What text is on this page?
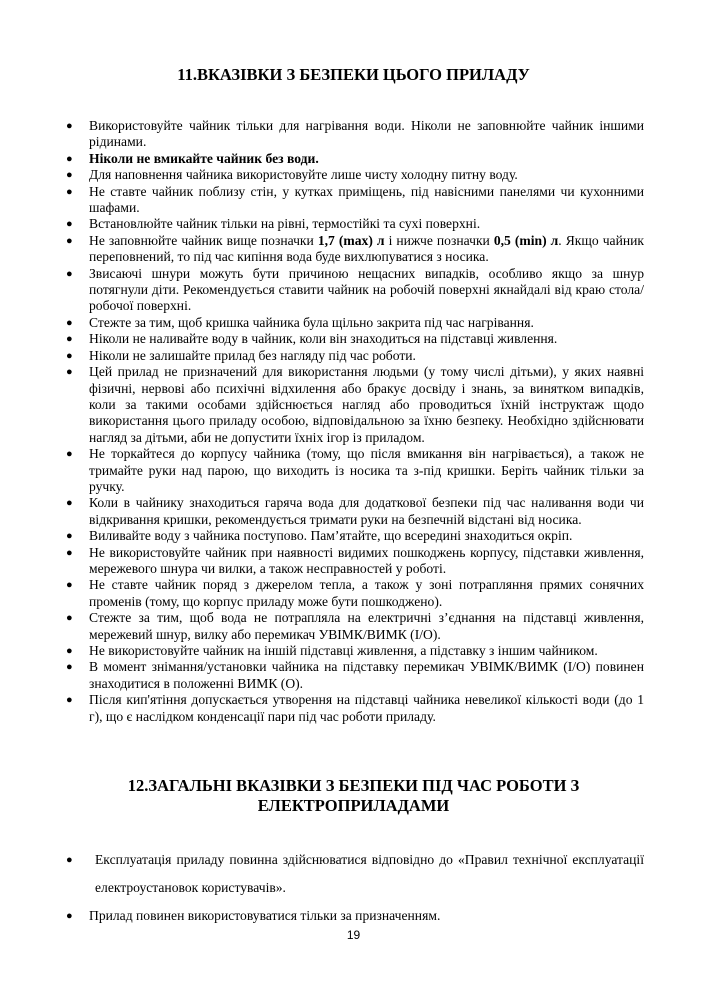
11.ВКАЗІВКИ З БЕЗПЕКИ ЦЬОГО ПРИЛАДУ
● Використовуйте чайник тільки для нагрівання води. Ніколи не заповнюйте чайник іншими рідинами.
● Ніколи не вмикайте чайник без води.
● Для наповнення чайника використовуйте лише чисту холодну питну воду.
● Не ставте чайник поблизу стін, у кутках приміщень, під навісними панелями чи кухонними шафами.
● Встановлюйте чайник тільки на рівні, термостійкі та сухі поверхні.
● Не заповнюйте чайник вище позначки 1,7 (max) л і нижче позначки 0,5 (min) л. Якщо чайник переповнений, то під час кипіння вода буде вихлюпуватися з носика.
● Звисаючі шнури можуть бути причиною нещасних випадків, особливо якщо за шнур потягнули діти. Рекомендується ставити чайник на робочій поверхні якнайдалі від краю стола/робочої поверхні.
● Стежте за тим, щоб кришка чайника була щільно закрита під час нагрівання.
● Ніколи не наливайте воду в чайник, коли він знаходиться на підставці живлення.
● Ніколи не залишайте прилад без нагляду під час роботи.
● Цей прилад не призначений для використання людьми (у тому числі дітьми), у яких наявні фізичні, нервові або психічні відхилення або бракує досвіду і знань, за винятком випадків, коли за такими особами здійснюється нагляд або проводиться їхній інструктаж щодо використання цього приладу особою, відповідальною за їхню безпеку. Необхідно здійснювати нагляд за дітьми, аби не допустити їхніх ігор із приладом.
● Не торкайтеся до корпусу чайника (тому, що після вмикання він нагрівається), а також не тримайте руки над парою, що виходить із носика та з-під кришки. Беріть чайник тільки за ручку.
● Коли в чайнику знаходиться гаряча вода для додаткової безпеки під час наливання води чи відкривання кришки, рекомендується тримати руки на безпечній відстані від носика.
● Виливайте воду з чайника поступово. Пам’ятайте, що всередині знаходиться окріп.
● Не використовуйте чайник при наявності видимих пошкоджень корпусу, підставки живлення, мережевого шнура чи вилки, а також несправностей у роботі.
● Не ставте чайник поряд з джерелом тепла, а також у зоні потрапляння прямих сонячних променів (тому, що корпус приладу може бути пошкоджено).
● Стежте за тим, щоб вода не потрапляла на електричні з’єднання на підставці живлення, мережевий шнур, вилку або перемикач УВІМК/ВИМК (I/O).
● Не використовуйте чайник на іншій підставці живлення, а підставку з іншим чайником.
● В момент знімання/установки чайника на підставку перемикач УВІМК/ВИМК (I/O) повинен знаходитися в положенні ВИМК (O).
● Після кип'ятіння допускається утворення на підставці чайника невеликої кількості води (до 1 г), що є наслідком конденсації пари під час роботи приладу.
12.ЗАГАЛЬНІ ВКАЗІВКИ З БЕЗПЕКИ ПІД ЧАС РОБОТИ З ЕЛЕКТРОПРИЛАДАМИ
● Експлуатація приладу повинна здійснюватися відповідно до «Правил технічної експлуатації електроустановок користувачів».
● Прилад повинен використовуватися тільки за призначенням.
19
